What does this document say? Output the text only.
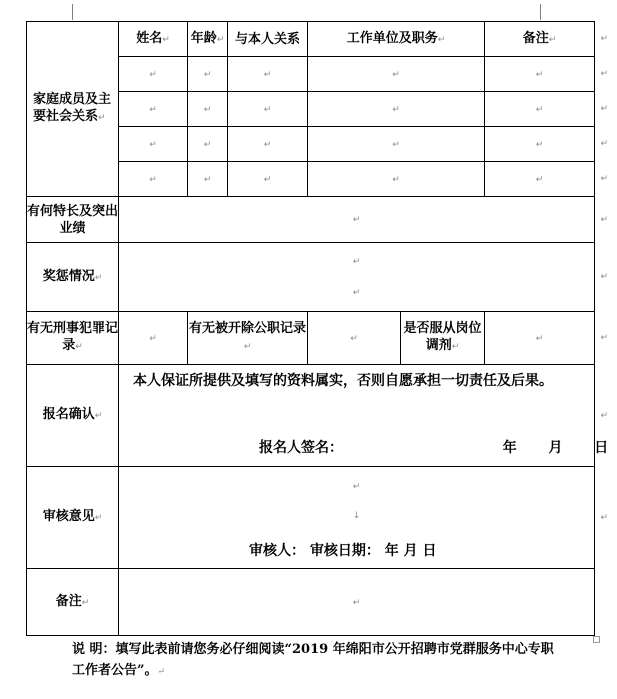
家庭成员及主要社会关系↵	姓名↵	年龄↵	与本人关系	工作单位及职务↵		备注↵ ↵

	↵	↵	↵	↵		↵ ↵

	↵	↵	↵	↵		↵ ↵

	↵	↵	↵	↵		↵ ↵

	↵	↵	↵	↵		↵ ↵

有何特长及突出业绩	↵ ↵					

奖惩情况↵	↵
↵
↵					

有无刑事犯罪记录↵	↵	有无被开除公职记录↵		↵	是否服从岗位调剂↵	↵ ↵

报名确认↵	本人保证所提供及填写的资料属实，否则自愿承担一切责任及后果。
报名人签名： 年 月 日
↵					

审核意见↵	↵
↓
审核人： 审核日期： 年 月 日
↵					

备注↵	↵					
说 明：填写此表前请您务必仔细阅读“2019 年绵阳市公开招聘市党群服务中心专职工作者公告”。↵
